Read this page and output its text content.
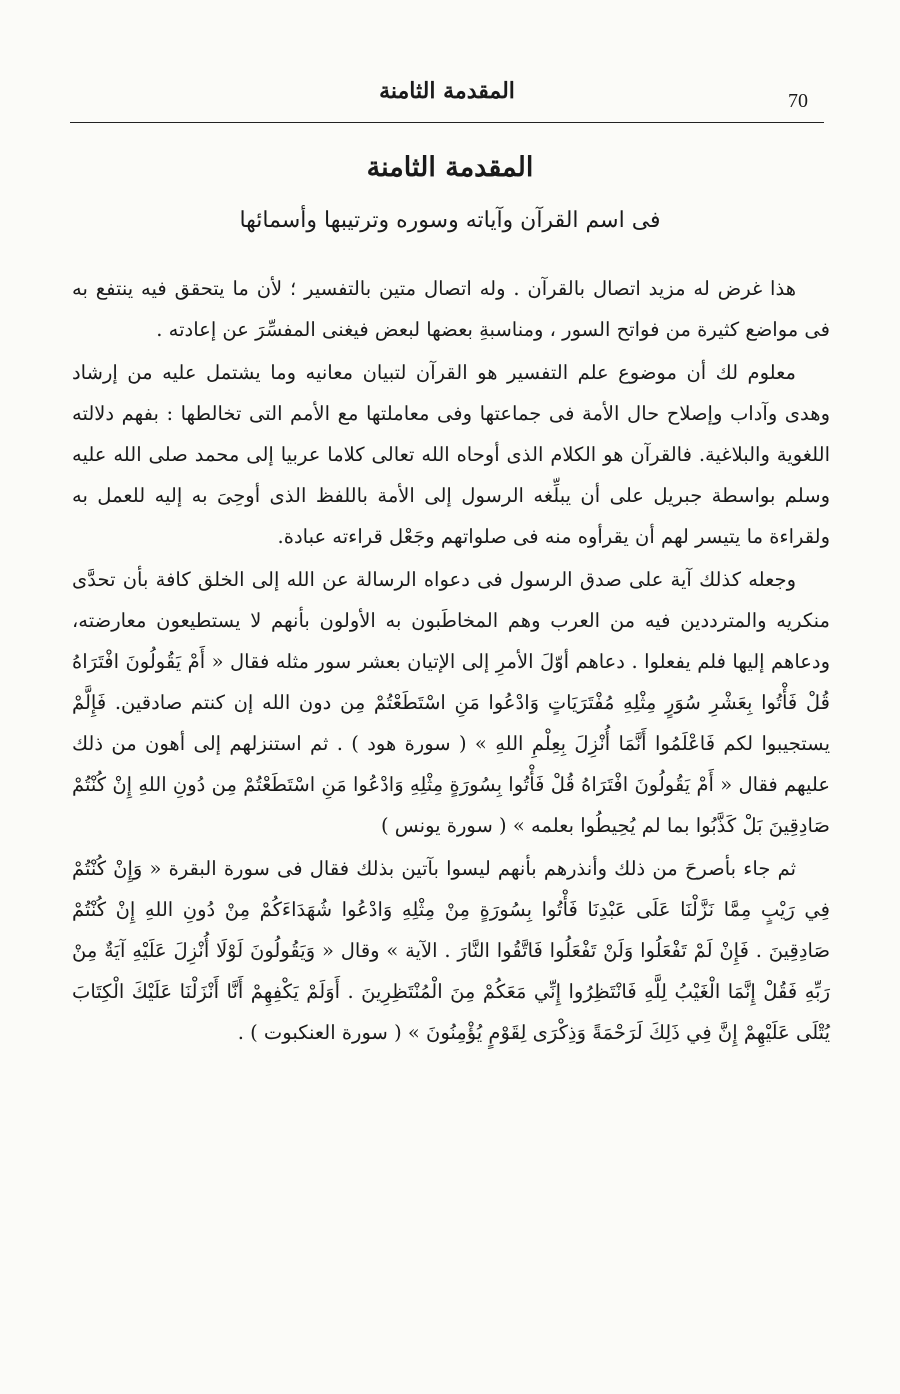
70
المقدمة الثامنة
المقدمة الثامنة
فى اسم القرآن وآياته وسوره وترتيبها وأسمائها

هذا غرض له مزيد اتصال بالقرآن . وله اتصال متين بالتفسير ؛ لأن ما يتحقق فيه ينتفع به فى مواضع كثيرة من فواتح السور ، ومناسبةِ بعضها لبعض فيغنى المفسِّرَ عن إعادته .

معلوم لك أن موضوع علم التفسير هو القرآن لتبيان معانيه وما يشتمل عليه من إرشاد وهدى وآداب وإصلاح حال الأمة فى جماعتها وفى معاملتها مع الأمم التى تخالطها : بفهم دلالته اللغوية والبلاغية. فالقرآن هو الكلام الذى أوحاه الله تعالى كلاما عربيا إلى محمد صلى الله عليه وسلم بواسطة جبريل على أن يبلِّغه الرسول إلى الأمة باللفظ الذى أوحِىَ به إليه للعمل به ولقراءة ما يتيسر لهم أن يقرأوه منه فى صلواتهم وجَعْل قراءته عبادة.

وجعله كذلك آية على صدق الرسول فى دعواه الرسالة عن الله إلى الخلق كافة بأن تحدَّى منكريه والمترددين فيه من العرب وهم المخاطَبون به الأولون بأنهم لا يستطيعون معارضته، ودعاهم إليها فلم يفعلوا . دعاهم أوّلَ الأمرِ إلى الإتيان بعشر سور مثله فقال « أَمْ يَقُولُونَ افْتَرَاهُ قُلْ فَأْتُوا بِعَشْرِ سُوَرٍ مِثْلِهِ مُفْتَرَيَاتٍ وَادْعُوا مَنِ اسْتَطَعْتُمْ مِن دون الله إن كنتم صادقين. فَإِلَّمْ يستجيبوا لكم فَاعْلَمُوا أَنَّمَا أُنْزِلَ بِعِلْمِ اللهِ » ( سورة هود ) . ثم استنزلهم إلى أهون من ذلك عليهم فقال « أَمْ يَقُولُونَ افْتَرَاهُ قُلْ فَأْتُوا بِسُورَةٍ مِثْلِهِ وَادْعُوا مَنِ اسْتَطَعْتُمْ مِن دُونِ اللهِ إِنْ كُنْتُمْ صَادِقِينَ بَلْ كَذَّبُوا بما لم يُحِيطُوا بعلمه » ( سورة يونس )

ثم جاء بأصرحَ من ذلك وأنذرهم بأنهم ليسوا بآتين بذلك فقال فى سورة البقرة « وَإِنْ كُنْتُمْ فِي رَيْبٍ مِمَّا نَزَّلْنَا عَلَى عَبْدِنَا فَأْتُوا بِسُورَةٍ مِنْ مِثْلِهِ وَادْعُوا شُهَدَاءَكُمْ مِنْ دُونِ اللهِ إِنْ كُنْتُمْ صَادِقِينَ . فَإِنْ لَمْ تَفْعَلُوا وَلَنْ تَفْعَلُوا فَاتَّقُوا النَّارَ . الآية » وقال « وَيَقُولُونَ لَوْلَا أُنْزِلَ عَلَيْهِ آيَةٌ مِنْ رَبِّهِ فَقُلْ إِنَّمَا الْغَيْبُ لِلَّهِ فَانْتَظِرُوا إِنِّي مَعَكُمْ مِنَ الْمُنْتَظِرِينَ . أَوَلَمْ يَكْفِهِمْ أَنَّا أَنْزَلْنَا عَلَيْكَ الْكِتَابَ يُتْلَى عَلَيْهِمْ إِنَّ فِي ذَلِكَ لَرَحْمَةً وَذِكْرَى لِقَوْمٍ يُؤْمِنُونَ » ( سورة العنكبوت ) .
